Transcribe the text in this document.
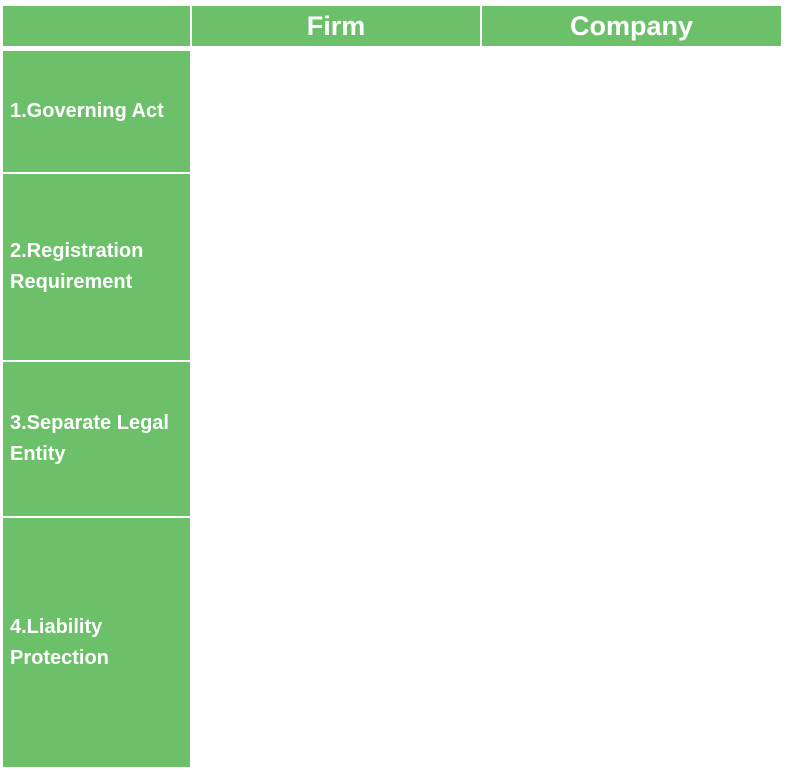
Firm	Company
1.Governing Act
2.Registration
Requirement
3.Separate Legal
Entity
4.Liability
Protection
